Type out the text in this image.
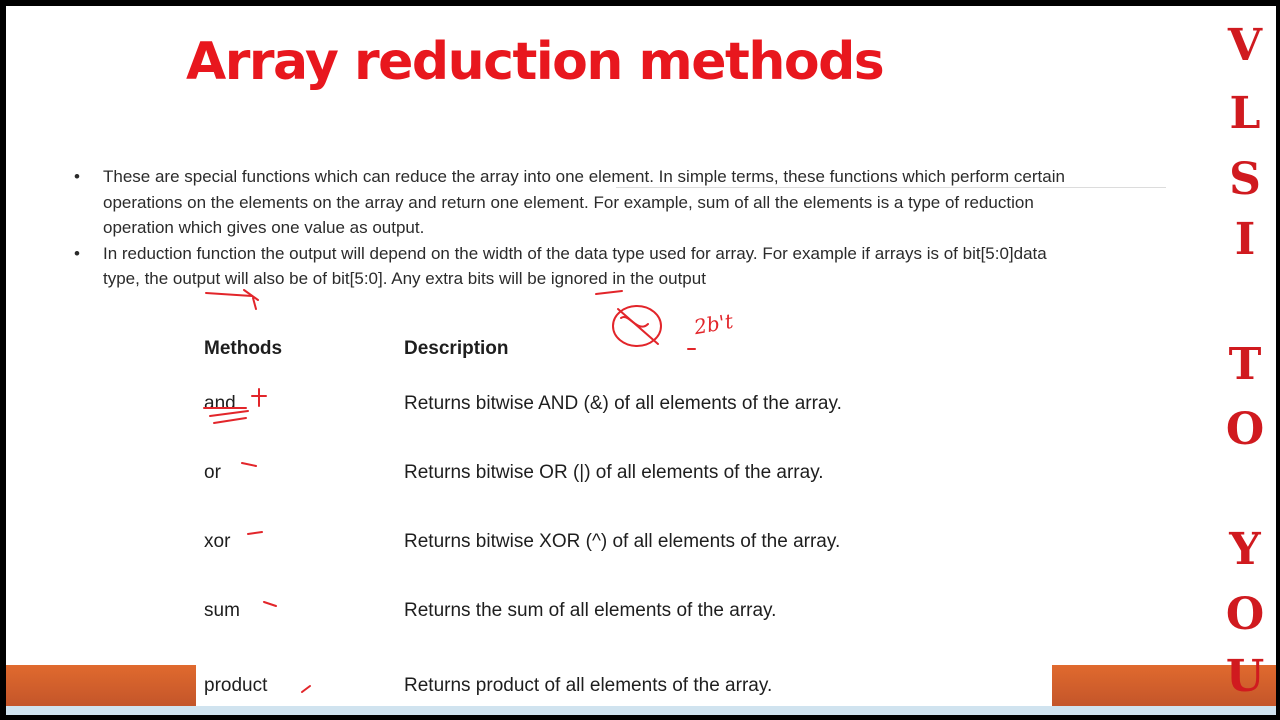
Array reduction methods
• These are special functions which can reduce the array into one element. In simple terms, these functions which perform certain operations on the elements on the array and return one element. For example, sum of all the elements is a type of reduction operation which gives one value as output.
• In reduction function the output will depend on the width of the data type used for array. For example if arrays is of bit[5:0]data type, the output will also be of bit[5:0]. Any extra bits will be ignored in the output
Methods	Description
and	Returns bitwise AND (&) of all elements of the array.
or	Returns bitwise OR (|) of all elements of the array.
xor	Returns bitwise XOR (^) of all elements of the array.
sum	Returns the sum of all elements of the array.
product	Returns product of all elements of the array.
V
L
S
I
T
O
Y
O
U
2b't
